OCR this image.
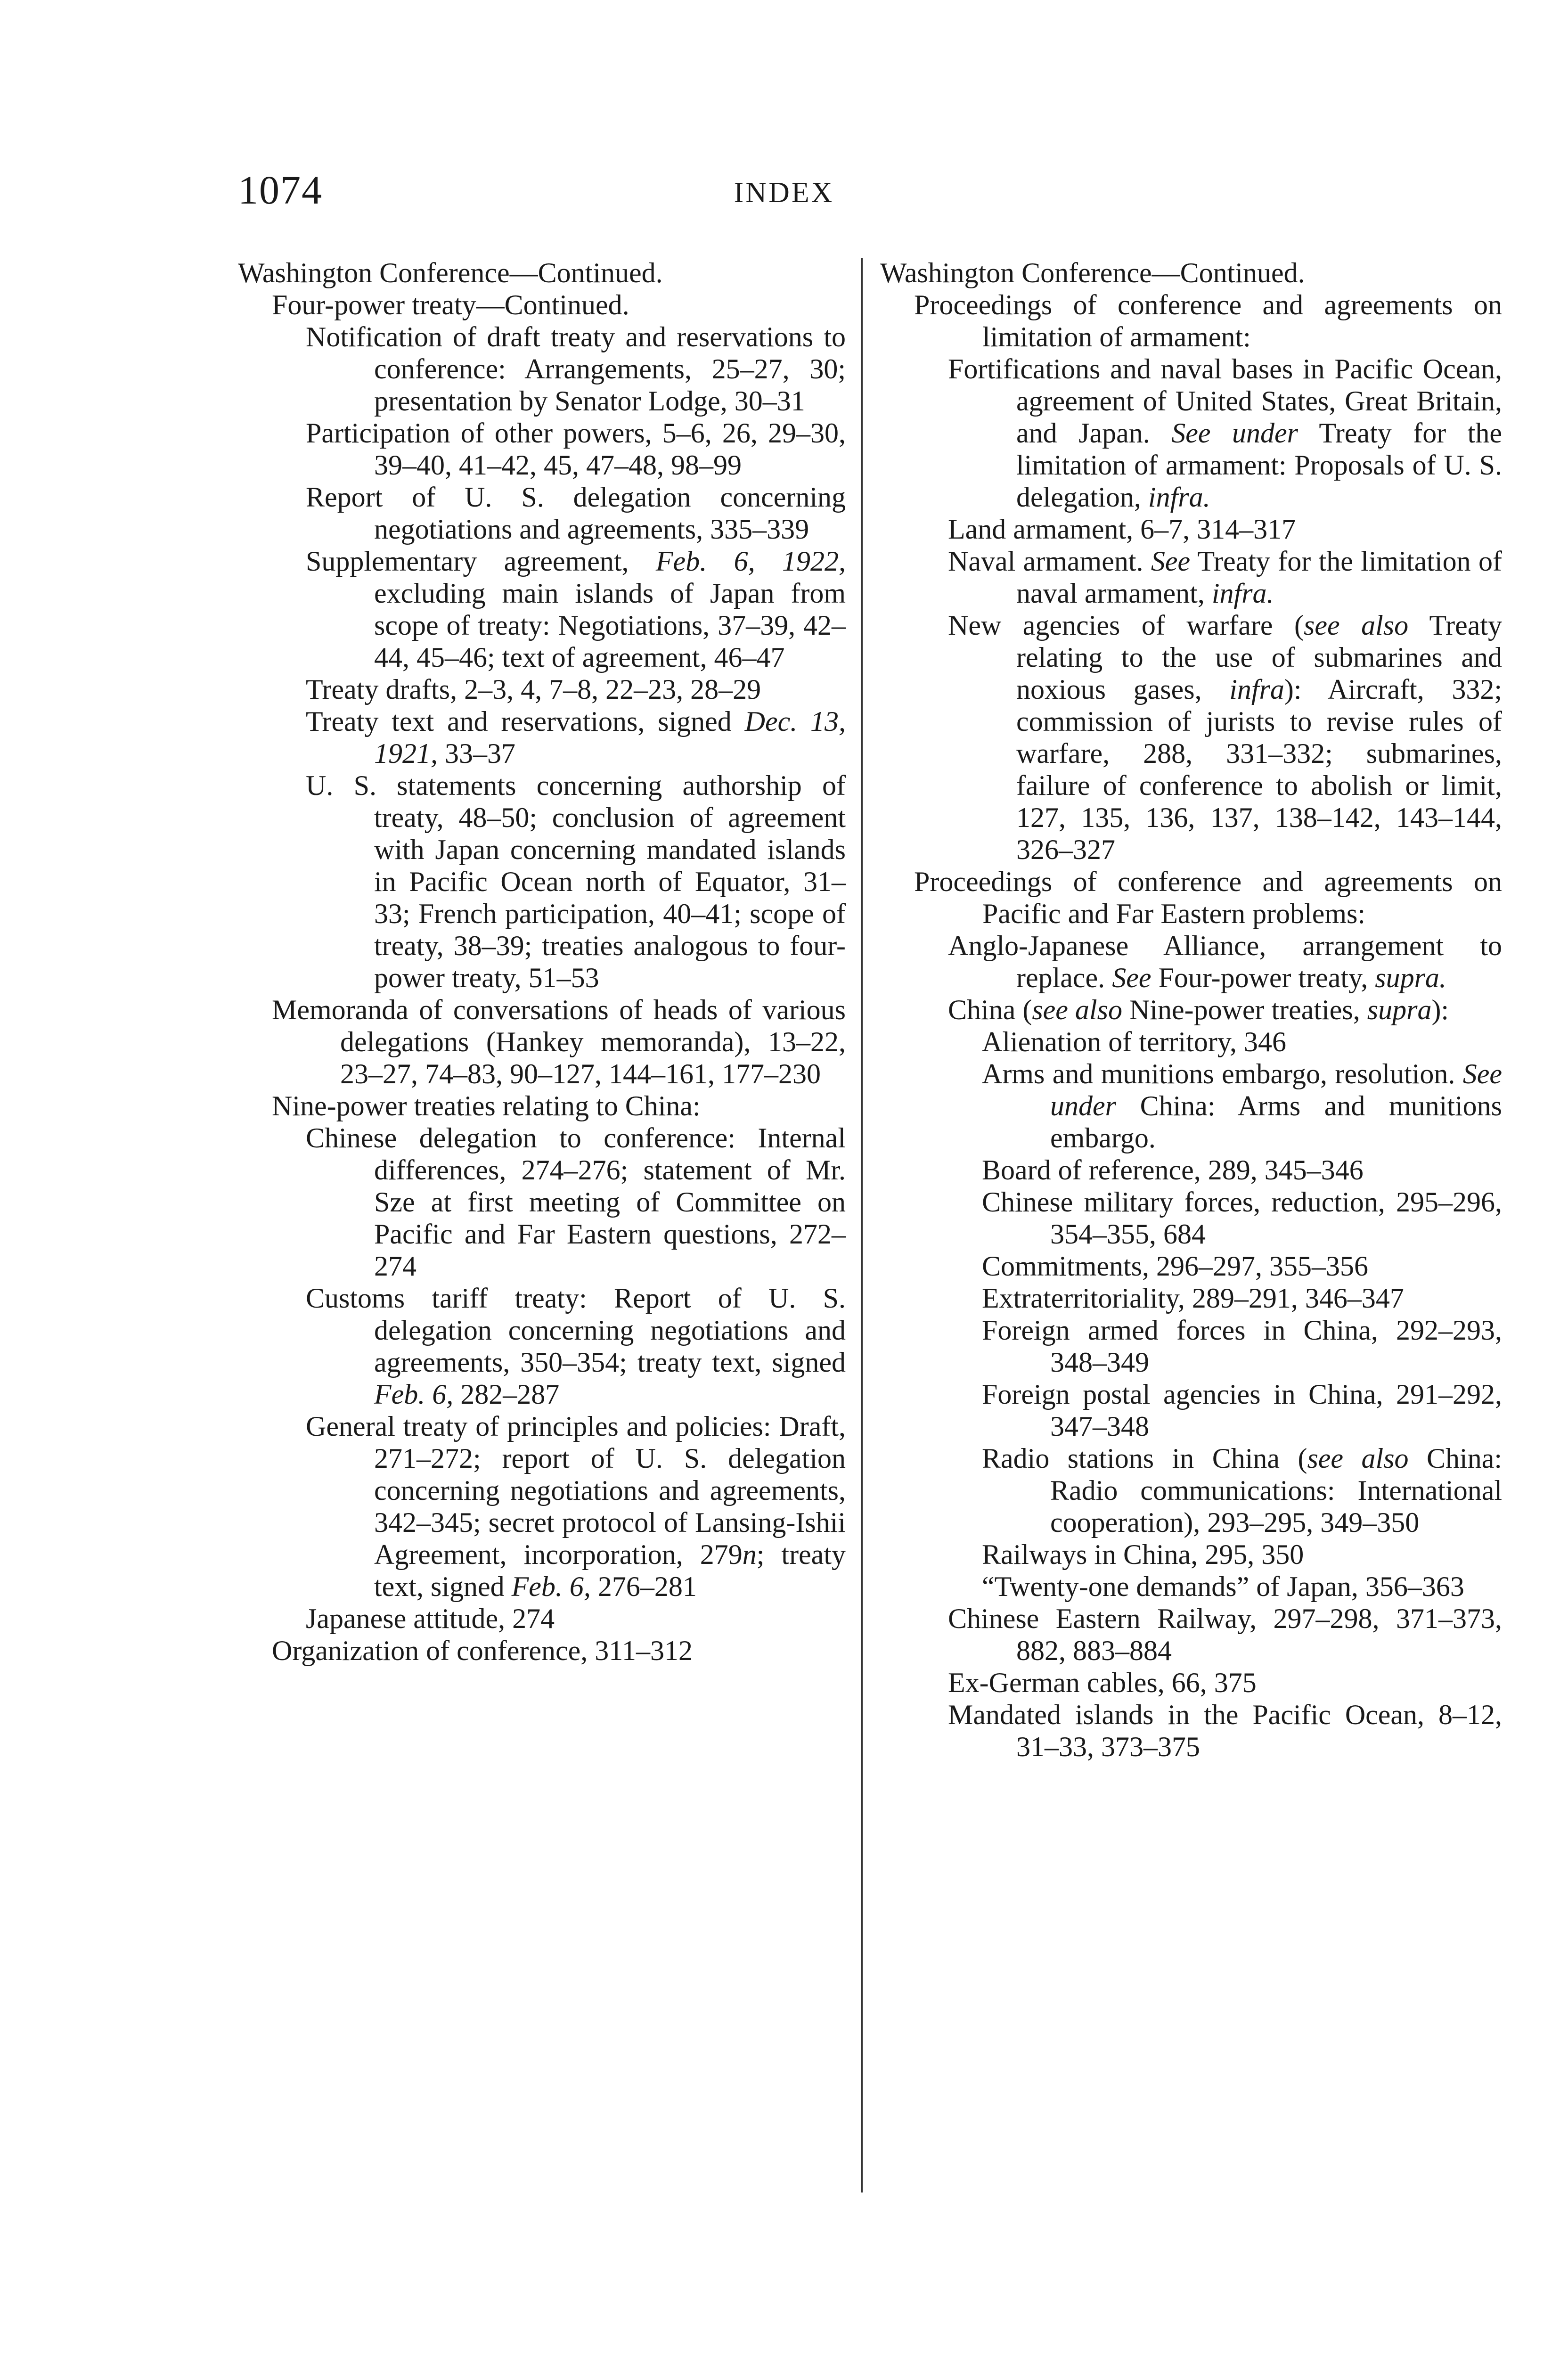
1074	INDEX

Washington Conference—Continued.

Four-power treaty—Continued.

Notification of draft treaty and reservations to conference: Arrangements, 25–27, 30; presentation by Senator Lodge, 30–31

Participation of other powers, 5–6, 26, 29–30, 39–40, 41–42, 45, 47–48, 98–99

Report of U. S. delegation concerning negotiations and agreements, 335–339

Supplementary agreement, Feb. 6, 1922, excluding main islands of Japan from scope of treaty: Negotiations, 37–39, 42–44, 45–46; text of agreement, 46–47

Treaty drafts, 2–3, 4, 7–8, 22–23, 28–29

Treaty text and reservations, signed Dec. 13, 1921, 33–37

U. S. statements concerning authorship of treaty, 48–50; conclusion of agreement with Japan concerning mandated islands in Pacific Ocean north of Equator, 31–33; French participation, 40–41; scope of treaty, 38–39; treaties analogous to four-power treaty, 51–53

Memoranda of conversations of heads of various delegations (Hankey memoranda), 13–22, 23–27, 74–83, 90–127, 144–161, 177–230

Nine-power treaties relating to China:

Chinese delegation to conference: Internal differences, 274–276; statement of Mr. Sze at first meeting of Committee on Pacific and Far Eastern questions, 272–274

Customs tariff treaty: Report of U. S. delegation concerning negotiations and agreements, 350–354; treaty text, signed Feb. 6, 282–287

General treaty of principles and policies: Draft, 271–272; report of U. S. delegation concerning negotiations and agreements, 342–345; secret protocol of Lansing-Ishii Agreement, incorporation, 279n; treaty text, signed Feb. 6, 276–281

Japanese attitude, 274

Organization of conference, 311–312

Washington Conference—Continued.

Proceedings of conference and agreements on limitation of armament:

Fortifications and naval bases in Pacific Ocean, agreement of United States, Great Britain, and Japan. See under Treaty for the limitation of armament: Proposals of U. S. delegation, infra.

Land armament, 6–7, 314–317

Naval armament. See Treaty for the limitation of naval armament, infra.

New agencies of warfare (see also Treaty relating to the use of submarines and noxious gases, infra): Aircraft, 332; commission of jurists to revise rules of warfare, 288, 331–332; submarines, failure of conference to abolish or limit, 127, 135, 136, 137, 138–142, 143–144, 326–327

Proceedings of conference and agreements on Pacific and Far Eastern problems:

Anglo-Japanese Alliance, arrangement to replace. See Four-power treaty, supra.

China (see also Nine-power treaties, supra):

Alienation of territory, 346

Arms and munitions embargo, resolution. See under China: Arms and munitions embargo.

Board of reference, 289, 345–346

Chinese military forces, reduction, 295–296, 354–355, 684

Commitments, 296–297, 355–356

Extraterritoriality, 289–291, 346–347

Foreign armed forces in China, 292–293, 348–349

Foreign postal agencies in China, 291–292, 347–348

Radio stations in China (see also China: Radio communications: International cooperation), 293–295, 349–350

Railways in China, 295, 350

“Twenty-one demands” of Japan, 356–363

Chinese Eastern Railway, 297–298, 371–373, 882, 883–884

Ex-German cables, 66, 375

Mandated islands in the Pacific Ocean, 8–12, 31–33, 373–375
